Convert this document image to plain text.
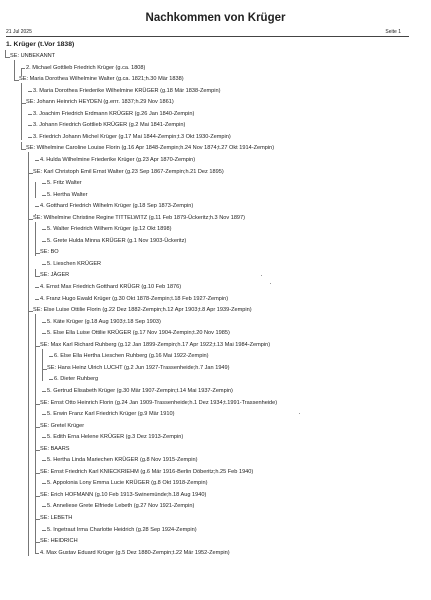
Nachkommen von Krüger
21 Jul 2025	Seite 1
1. Krüger (t.Vor 1838)
SE: UNBEKANNT
2. Michael Gottlieb Friedrich Krüger (g.ca. 1808)
SE: Maria Dorothea Wilhelmine Walter (g.ca. 1821;h.30 Mär 1838)
3. Maria Dorothea Friederike Wilhelmine KRÜGER (g.18 Mär 1838-Zempin)
SE: Johann Heinrich HEYDEN (g.errr. 1837;h.29 Nov 1861)
3. Joachim Friedrich Erdmann KRÜGER (g.26 Jan 1840-Zempin)
3. Johann Friedrich Gottlieb KRÜGER (g.2 Mai 1841-Zempin)
3. Friedrich Johann Michel Krüger (g.17 Mai 1844-Zempin;t.3 Okt 1930-Zempin)
SE: Wilhelmine Caroline Louise Florin (g.16 Apr 1848-Zempin;h.24 Nov 1874;t.27 Okt 1914-Zempin)
4. Hulda Wilhelmine Friederike Krüger (g.23 Apr 1870-Zempin)
SE: Karl Christoph Emil Ernst Walter (g.23 Sep 1867-Zempin;h.21 Dez 1895)
5. Fritz Walter
5. Hertha Walter
4. Gotthard Friedrich Wilhelm Krüger (g.18 Sep 1873-Zempin)
SE: Wilhelmine Christine Regine TITTELWITZ (g.11 Feb 1879-Ückeritz;h.3 Nov 1897)
5. Walter Friedrich Wilhem Krüger (g.12 Okt 1898)
5. Grete Hulda Minna KRÜGER (g.1 Nov 1903-Ückeritz)
SE: BO
5. Lieschen KRÜGER
SE: JÄGER
4. Ernst Max Friedrich Gotthard KRÜGR (g.10 Feb 1876)
4. Franz Hugo Ewald Krüger (g.30 Okt 1878-Zempin;t.18 Feb 1927-Zempin)
SE: Else Luise Ottilie Florin (g.22 Dez 1882-Zempin;h.12 Apr 1903;t.8 Apr 1939-Zempin)
5. Käte Krüger (g.18 Aug 1903;t.18 Sep 1903)
5. Else Ella Luise Ottilie KRÜGER (g.17 Nov 1904-Zempin;t.20 Nov 1985)
SE: Max Karl Richard Ruhberg (g.12 Jan 1899-Zempin;h.17 Apr 1922;t.13 Mai 1984-Zempin)
6. Else Ella Hertha Lieschen Ruhberg (g.16 Mai 1922-Zempin)
SE: Hans Heinz Ulrich LUCHT (g.2 Jun 1927-Trassenheide;h.7 Jan 1949)
6. Dieter Ruhberg
5. Gertrud Elisabeth Krüger (g.30 Mär 1907-Zempin;t.14 Mai 1937-Zempin)
SE: Ernst Otto Heinrich Florin (g.24 Jan 1909-Trassenheide;h.1 Dez 1934;t.1991-Trassenheide)
5. Erwin Franz Karl Friedrich Krüger (g.9 Mär 1910)
SE: Gretel Krüger
5. Edith Erna Helene KRÜGER (g.3 Dez 1913-Zempin)
SE: BAARS
5. Hertha Linda Mariechen KRÜGER (g.8 Nov 1915-Zempin)
SE: Ernst Friedrich Karl KNIECKRIEHM (g.6 Mär 1916-Berlin Döberitz;h.25 Feb 1940)
5. Appolonia Lony Emma Lucie KRÜGER (g.8 Okt 1918-Zempin)
SE: Erich HOFMANN (g.10 Feb 1913-Swinemünde;h.18 Aug 1940)
5. Anneliese Grete Elfriede Lebeth (g.27 Nov 1921-Zempin)
SE: LEBETH
5. Ingetraut Irma Charlotte Heidrich (g.28 Sep 1924-Zempin)
SE: HEIDRICH
4. Max Gustav Eduard Krüger (g.5 Dez 1880-Zempin;t.22 Mär 1952-Zempin)
